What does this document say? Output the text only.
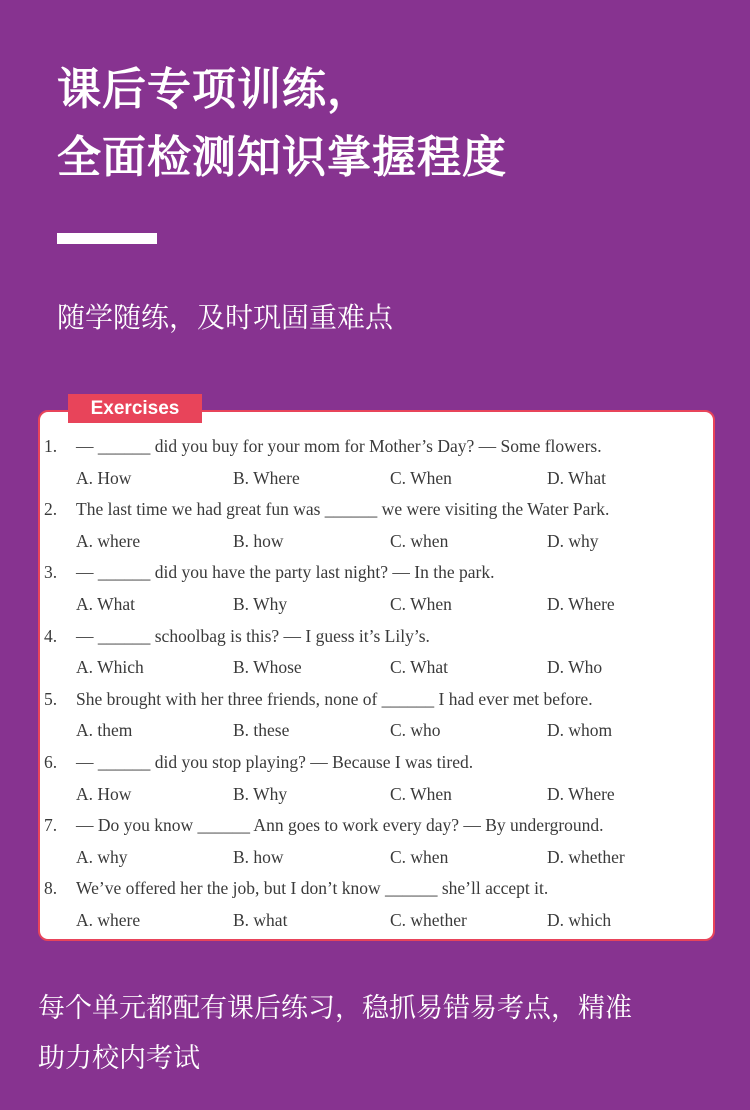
课后专项训练，
全面检测知识掌握程度
随学随练，及时巩固重难点
Exercises
1. — ______ did you buy for your mom for Mother’s Day? — Some flowers.
A. How	B. Where	C. When	D. What
2. The last time we had great fun was ______ we were visiting the Water Park.
A. where	B. how	C. when	D. why
3. — ______ did you have the party last night? — In the park.
A. What	B. Why	C. When	D. Where
4. — ______ schoolbag is this? — I guess it’s Lily’s.
A. Which	B. Whose	C. What	D. Who
5. She brought with her three friends, none of ______ I had ever met before.
A. them	B. these	C. who	D. whom
6. — ______ did you stop playing? — Because I was tired.
A. How	B. Why	C. When	D. Where
7. — Do you know ______ Ann goes to work every day? — By underground.
A. why	B. how	C. when	D. whether
8. We’ve offered her the job, but I don’t know ______ she’ll accept it.
A. where	B. what	C. whether	D. which
每个单元都配有课后练习，稳抓易错易考点，精准
助力校内考试
